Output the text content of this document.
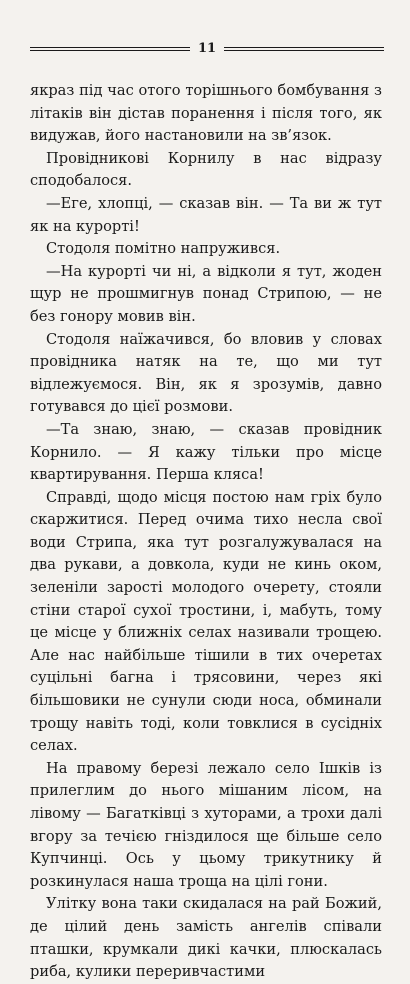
11

якраз під час отого торішнього бомбування з літаків він дістав поранення і після того, як видужав, його настановили на зв’язок.

Провідникові Корнилу в нас відразу сподобалося.

—Еге, хлопці, — сказав він. — Та ви ж тут як на курорті!

Стодоля помітно напружився.

—На курорті чи ні, а відколи я тут, жоден щур не прошмигнув понад Стрипою, — не без гонору мовив він.

Стодоля наїжачився, бо вловив у словах провідника натяк на те, що ми тут відлежуємося. Він, як я зрозумів, давно готувався до цієї розмови.

—Та знаю, знаю, — сказав провідник Корнило. — Я кажу тільки про місце квартирування. Перша кляса!

Справді, щодо місця постою нам гріх було скаржитися. Перед очима тихо несла свої води Стрипа, яка тут розгалужувалася на два рукави, а довкола, куди не кинь оком, зеленіли зарості молодого очерету, стояли стіни старої сухої тростини, і, мабуть, тому це місце у ближніх селах називали трощею. Але нас найбільше тішили в тих очеретах суцільні багна і трясовини, через які більшовики не сунули сюди носа, обминали трощу навіть тоді, коли товклися в сусідніх селах.

На правому березі лежало село Ішків із прилеглим до нього мішаним лісом, на лівому — Багатківці з хуторами, а трохи далі вгору за течією гніздилося ще більше село Купчинці. Ось у цьому трикутнику й розкинулася наша троща на цілі гони.

Улітку вона таки скидалася на рай Божий, де цілий день замість ангелів співали пташки, крумкали дикі качки, плюскалась риба, кулики переривчастими
